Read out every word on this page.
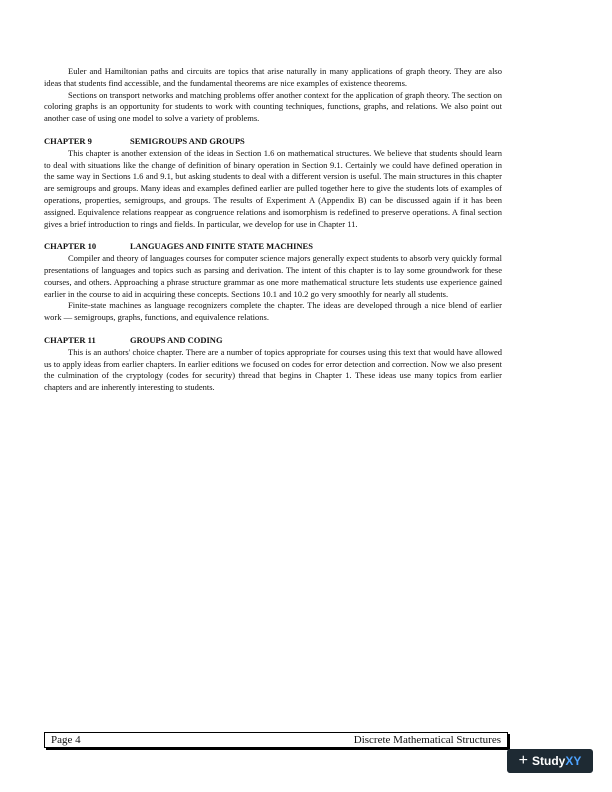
Euler and Hamiltonian paths and circuits are topics that arise naturally in many applications of graph theory. They are also ideas that students find accessible, and the fundamental theorems are nice examples of existence theorems.

Sections on transport networks and matching problems offer another context for the application of graph theory. The section on coloring graphs is an opportunity for students to work with counting techniques, functions, graphs, and relations. We also point out another case of using one model to solve a variety of problems.

CHAPTER 9	SEMIGROUPS AND GROUPS

This chapter is another extension of the ideas in Section 1.6 on mathematical structures. We believe that students should learn to deal with situations like the change of definition of binary operation in Section 9.1. Certainly we could have defined operation in the same way in Sections 1.6 and 9.1, but asking students to deal with a different version is useful. The main structures in this chapter are semigroups and groups. Many ideas and examples defined earlier are pulled together here to give the students lots of examples of operations, properties, semigroups, and groups. The results of Experiment A (Appendix B) can be discussed again if it has been assigned. Equivalence relations reappear as congruence relations and isomorphism is redefined to preserve operations. A final section gives a brief introduction to rings and fields. In particular, we develop for use in Chapter 11.

CHAPTER 10	LANGUAGES AND FINITE STATE MACHINES

Compiler and theory of languages courses for computer science majors generally expect students to absorb very quickly formal presentations of languages and topics such as parsing and derivation. The intent of this chapter is to lay some groundwork for these courses, and others. Approaching a phrase structure grammar as one more mathematical structure lets students use experience gained earlier in the course to aid in acquiring these concepts. Sections 10.1 and 10.2 go very smoothly for nearly all students.

Finite-state machines as language recognizers complete the chapter. The ideas are developed through a nice blend of earlier work — semigroups, graphs, functions, and equivalence relations.

CHAPTER 11	GROUPS AND CODING

This is an authors' choice chapter. There are a number of topics appropriate for courses using this text that would have allowed us to apply ideas from earlier chapters. In earlier editions we focused on codes for error detection and correction. Now we also present the culmination of the cryptology (codes for security) thread that begins in Chapter 1. These ideas use many topics from earlier chapters and are inherently interesting to students.

Page 4	Discrete Mathematical Structures
+ StudyXY
